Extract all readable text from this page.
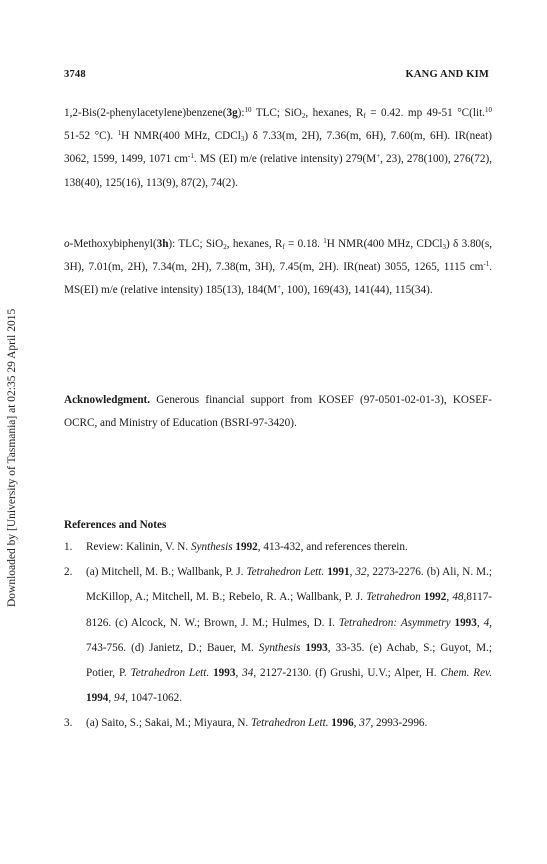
3748	KANG AND KIM
Downloaded by [University of Tasmania] at 02:35 29 April 2015
1,2-Bis(2-phenylacetylene)benzene(3g):$^{10}$ TLC; SiO$_2$, hexanes, $R_f = 0.42$. mp 49-51 °C(lit.$^{10}$ 51-52 °C). $^1$H NMR(400 MHz, CDCl$_3$) δ 7.33(m, 2H), 7.36(m, 6H), 7.60(m, 6H). IR(neat) 3062, 1599, 1499, 1071 $cm^{-1}$. MS (EI) m/e (relative intensity) 279(M+, 23), 278(100), 276(72), 138(40), 125(16), 113(9), 87(2), 74(2).
o-Methoxybiphenyl(3h): TLC; SiO$_2$, hexanes, $R_f = 0.18$. $^1$H NMR(400 MHz, CDCl$_3$) δ 3.80(s, 3H), 7.01(m, 2H), 7.34(m, 2H), 7.38(m, 3H), 7.45(m, 2H). IR(neat) 3055, 1265, 1115 $cm^{-1}$. MS(EI) m/e (relative intensity) 185(13), 184(M+, 100), 169(43), 141(44), 115(34).
Acknowledgment. Generous financial support from KOSEF (97-0501-02-01-3), KOSEF-OCRC, and Ministry of Education (BSRI-97-3420).
References and Notes
1. Review: Kalinin, V. N. Synthesis 1992, 413-432, and references therein.
2. (a) Mitchell, M. B.; Wallbank, P. J. Tetrahedron Lett. 1991, 32, 2273-2276. (b) Ali, N. M.; McKillop, A.; Mitchell, M. B.; Rebelo, R. A.; Wallbank, P. J. Tetrahedron 1992, 48,8117-8126. (c) Alcock, N. W.; Brown, J. M.; Hulmes, D. I. Tetrahedron: Asymmetry 1993, 4, 743-756. (d) Janietz, D.; Bauer, M. Synthesis 1993, 33-35. (e) Achab, S.; Guyot, M.; Potier, P. Tetrahedron Lett. 1993, 34, 2127-2130. (f) Grushi, U.V.; Alper, H. Chem. Rev. 1994, 94, 1047-1062.
3. (a) Saito, S.; Sakai, M.; Miyaura, N. Tetrahedron Lett. 1996, 37, 2993-2996.
